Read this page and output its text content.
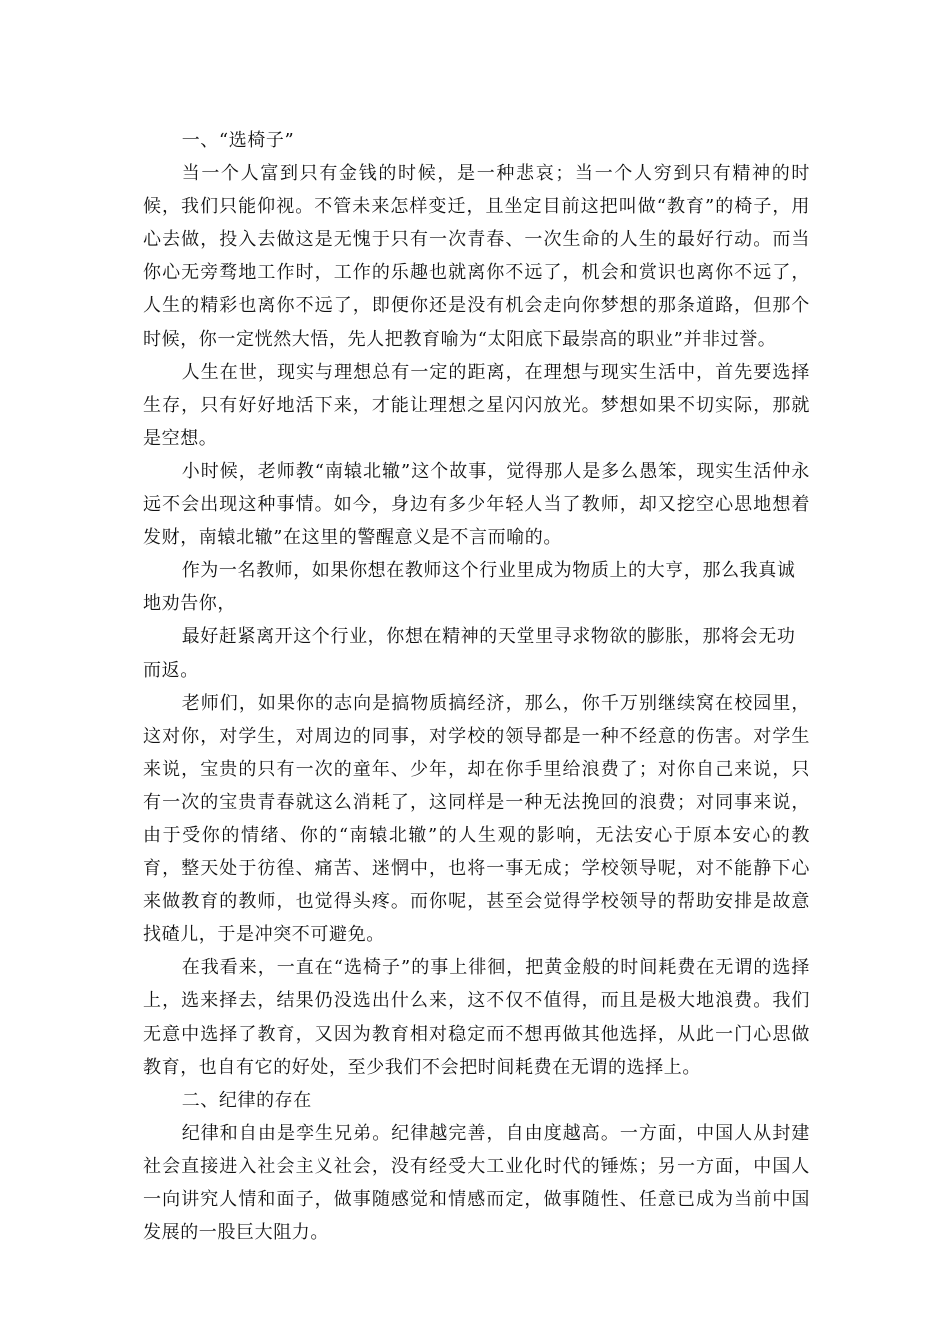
一、“选椅子”

当一个人富到只有金钱的时候，是一种悲哀；当一个人穷到只有精神的时候，我们只能仰视。不管未来怎样变迁，且坐定目前这把叫做“教育”的椅子，用心去做，投入去做这是无愧于只有一次青春、一次生命的人生的最好行动。而当你心无旁骛地工作时，工作的乐趣也就离你不远了，机会和赏识也离你不远了，人生的精彩也离你不远了，即便你还是没有机会走向你梦想的那条道路，但那个时候，你一定恍然大悟，先人把教育喻为“太阳底下最崇高的职业”并非过誉。

人生在世，现实与理想总有一定的距离，在理想与现实生活中，首先要选择生存，只有好好地活下来，才能让理想之星闪闪放光。梦想如果不切实际，那就是空想。

小时候，老师教“南辕北辙”这个故事，觉得那人是多么愚笨，现实生活仲永远不会出现这种事情。如今，身边有多少年轻人当了教师，却又挖空心思地想着发财，南辕北辙”在这里的警醒意义是不言而喻的。

作为一名教师，如果你想在教师这个行业里成为物质上的大亨，那么我真诚地劝告你，
最好赶紧离开这个行业，你想在精神的天堂里寻求物欲的膨胀，那将会无功而返。

老师们，如果你的志向是搞物质搞经济，那么，你千万别继续窝在校园里，这对你，对学生，对周边的同事，对学校的领导都是一种不经意的伤害。对学生来说，宝贵的只有一次的童年、少年，却在你手里给浪费了；对你自己来说，只有一次的宝贵青春就这么消耗了，这同样是一种无法挽回的浪费；对同事来说，由于受你的情绪、你的“南辕北辙”的人生观的影响，无法安心于原本安心的教育，整天处于彷徨、痛苦、迷惘中，也将一事无成；学校领导呢，对不能静下心来做教育的教师，也觉得头疼。而你呢，甚至会觉得学校领导的帮助安排是故意找碴儿，于是冲突不可避免。

在我看来，一直在“选椅子”的事上徘徊，把黄金般的时间耗费在无谓的选择上，选来择去，结果仍没选出什么来，这不仅不值得，而且是极大地浪费。我们无意中选择了教育，又因为教育相对稳定而不想再做其他选择，从此一门心思做教育，也自有它的好处，至少我们不会把时间耗费在无谓的选择上。

二、纪律的存在

纪律和自由是孪生兄弟。纪律越完善，自由度越高。一方面，中国人从封建社会直接进入社会主义社会，没有经受大工业化时代的锤炼；另一方面，中国人一向讲究人情和面子，做事随感觉和情感而定，做事随性、任意已成为当前中国发展的一股巨大阻力。
